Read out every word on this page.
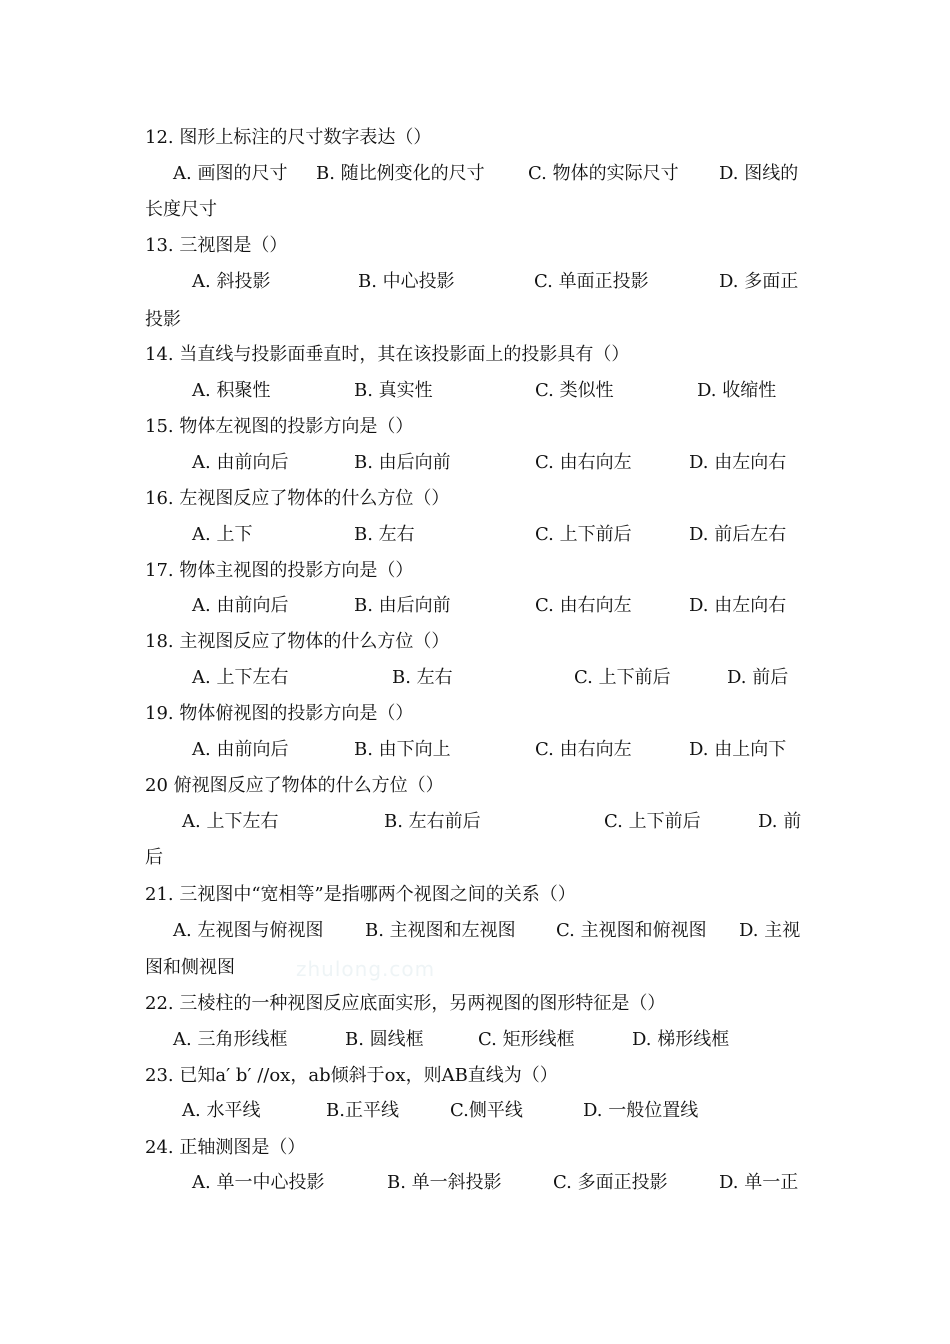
12. 图形上标注的尺寸数字表达（）
A. 画图的尺寸 B. 随比例变化的尺寸 C. 物体的实际尺寸 D. 图线的
长度尺寸
13. 三视图是（）
A. 斜投影	B. 中心投影	C. 单面正投影	D. 多面正
投影
14. 当直线与投影面垂直时，其在该投影面上的投影具有（）
A. 积聚性	B. 真实性	C. 类似性	D. 收缩性
15. 物体左视图的投影方向是（）
A. 由前向后	B. 由后向前	C. 由右向左	D. 由左向右
16. 左视图反应了物体的什么方位（）
A. 上下	B. 左右	C. 上下前后	D. 前后左右
17. 物体主视图的投影方向是（）
A. 由前向后	B. 由后向前	C. 由右向左	D. 由左向右
18. 主视图反应了物体的什么方位（）
A. 上下左右	B. 左右	C. 上下前后	D. 前后
19. 物体俯视图的投影方向是（）
A. 由前向后	B. 由下向上	C. 由右向左	D. 由上向下
20 俯视图反应了物体的什么方位（）
A. 上下左右	B. 左右前后	C. 上下前后	D. 前
后
21. 三视图中“宽相等”是指哪两个视图之间的关系（）
A. 左视图与俯视图 B. 主视图和左视图 C. 主视图和俯视图 D. 主视
图和侧视图	zhulong.com
22. 三棱柱的一种视图反应底面实形，另两视图的图形特征是（）
A. 三角形线框	B. 圆线框	C. 矩形线框	D. 梯形线框
23. 已知a′ b′ //ox，ab倾斜于ox，则AB直线为（）
A. 水平线	B.正平线	C.侧平线	D. 一般位置线
24. 正轴测图是（）
A. 单一中心投影	B. 单一斜投影	C. 多面正投影	D. 单一正
